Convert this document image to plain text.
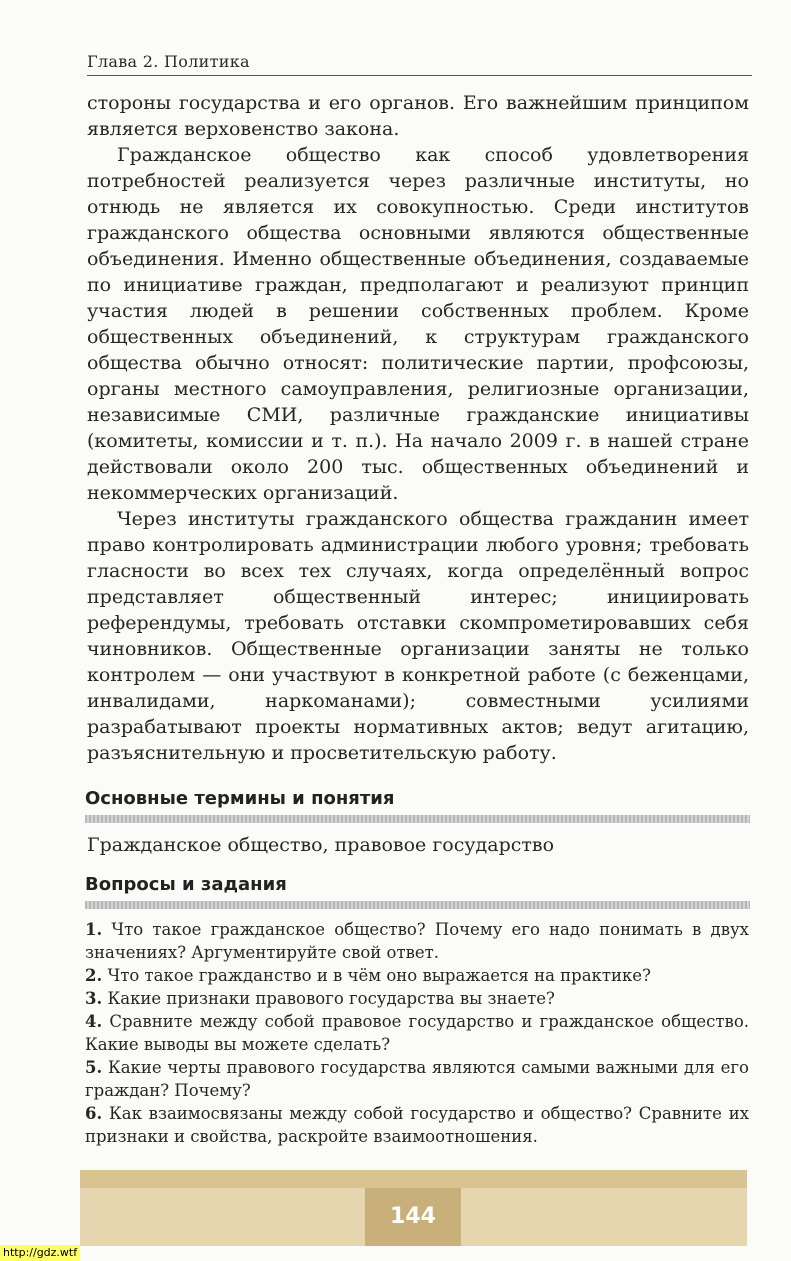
Глава 2. Политика

стороны государства и его органов. Его важнейшим принципом является верховенство закона.

Гражданское общество как способ удовлетворения потребностей реализуется через различные институты, но отнюдь не является их совокупностью. Среди институтов гражданского общества основными являются общественные объединения. Именно общественные объединения, создаваемые по инициативе граждан, предполагают и реализуют принцип участия людей в решении собственных проблем. Кроме общественных объединений, к структурам гражданского общества обычно относят: политические партии, профсоюзы, органы местного самоуправления, религиозные организации, независимые СМИ, различные гражданские инициативы (комитеты, комиссии и т. п.). На начало 2009 г. в нашей стране действовали около 200 тыс. общественных объединений и некоммерческих организаций.

Через институты гражданского общества гражданин имеет право контролировать администрации любого уровня; требовать гласности во всех тех случаях, когда определённый вопрос представляет общественный интерес; инициировать референдумы, требовать отставки скомпрометировавших себя чиновников. Общественные организации заняты не только контролем — они участвуют в конкретной работе (с беженцами, инвалидами, наркоманами); совместными усилиями разрабатывают проекты нормативных актов; ведут агитацию, разъяснительную и просветительскую работу.

Основные термины и понятия
Гражданское общество, правовое государство
Вопросы и задания
1. Что такое гражданское общество? Почему его надо понимать в двух значениях? Аргументируйте свой ответ.
2. Что такое гражданство и в чём оно выражается на практике?
3. Какие признаки правового государства вы знаете?
4. Сравните между собой правовое государство и гражданское общество. Какие выводы вы можете сделать?
5. Какие черты правового государства являются самыми важными для его граждан? Почему?
6. Как взаимосвязаны между собой государство и общество? Сравните их признаки и свойства, раскройте взаимоотношения.
144
http://gdz.wtf
